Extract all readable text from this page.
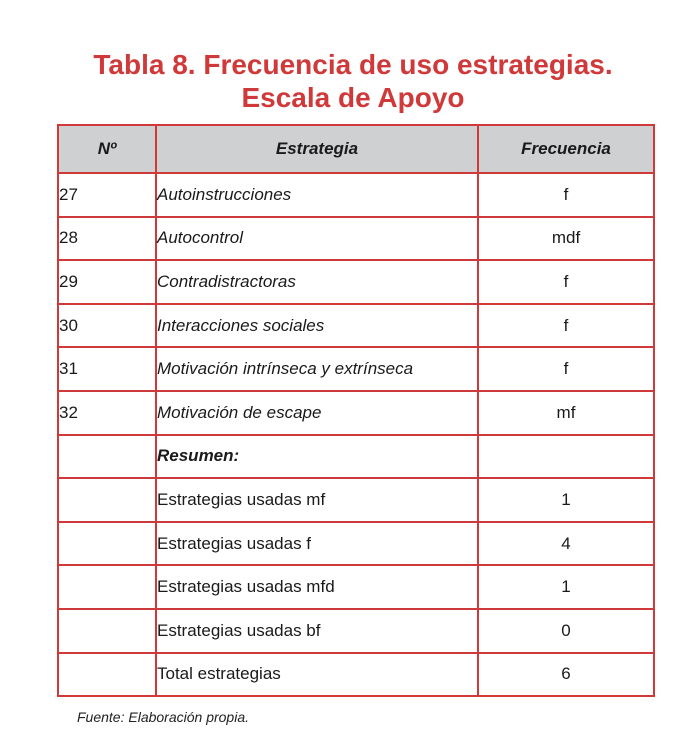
Tabla 8. Frecuencia de uso estrategias.
Escala de Apoyo
Nº	Estrategia	Frecuencia
27	Autoinstrucciones	f
28	Autocontrol	mdf
29	Contradistractoras	f
30	Interacciones sociales	f
31	Motivación intrínseca y extrínseca	f
32	Motivación de escape	mf
	Resumen:	
	Estrategias usadas mf	1
	Estrategias usadas f	4
	Estrategias usadas mfd	1
	Estrategias usadas bf	0
	Total estrategias	6
Fuente: Elaboración propia.
